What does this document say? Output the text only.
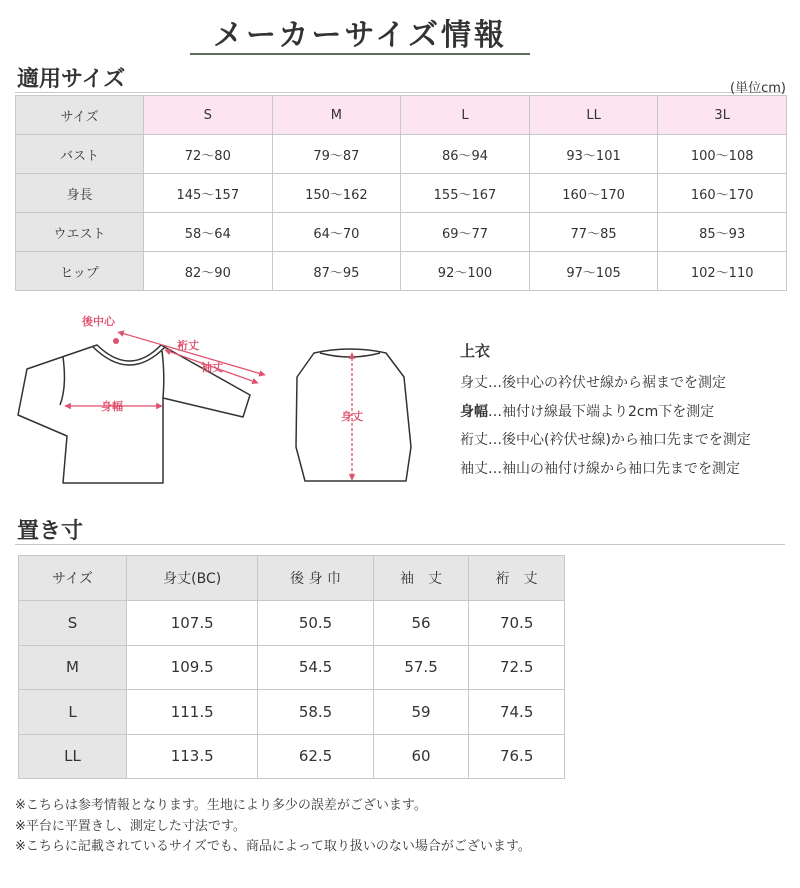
メーカーサイズ情報
適用サイズ	(単位cm)
サイズ	S	M	L	LL	3L
バスト	72〜80	79〜87	86〜94	93〜101	100〜108
身長	145〜157	150〜162	155〜167	160〜170	160〜170
ウエスト	58〜64	64〜70	69〜77	77〜85	85〜93
ヒップ	82〜90	87〜95	92〜100	97〜105	102〜110
後中心
裄丈
袖丈
身幅
身丈
上衣
身丈…後中心の衿伏せ線から裾までを測定
身幅…袖付け線最下端より2cm下を測定
裄丈…後中心(衿伏せ線)から袖口先までを測定
袖丈…袖山の袖付け線から袖口先までを測定
置き寸
サイズ	身丈(BC)	後 身 巾	袖　丈	裄　丈
S	107.5	50.5	56	70.5
M	109.5	54.5	57.5	72.5
L	111.5	58.5	59	74.5
LL	113.5	62.5	60	76.5
※こちらは参考情報となります。生地により多少の誤差がございます。
※平台に平置きし、測定した寸法です。
※こちらに記載されているサイズでも、商品によって取り扱いのない場合がございます。
